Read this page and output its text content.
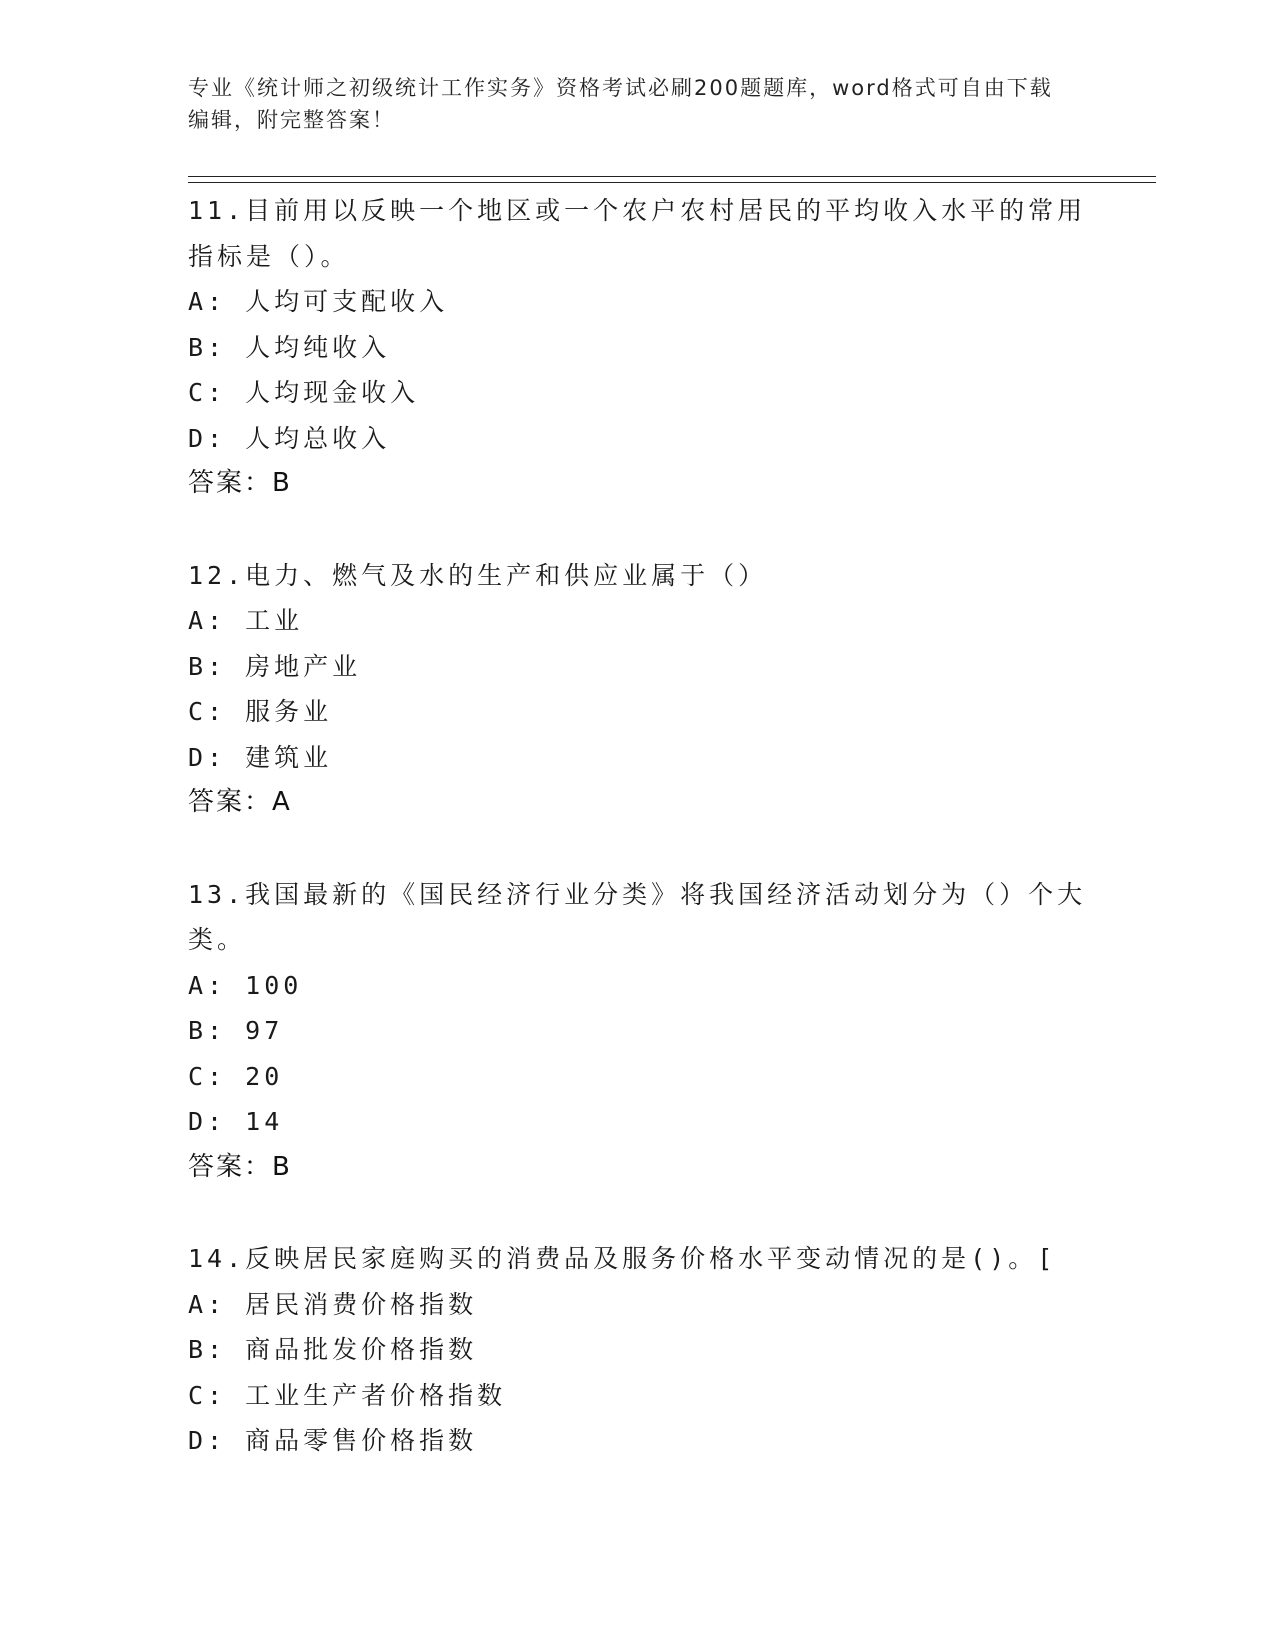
专业《统计师之初级统计工作实务》资格考试必刷200题题库，word格式可自由下载编辑，附完整答案！

11.目前用以反映一个地区或一个农户农村居民的平均收入水平的常用指标是（）。

A: 人均可支配收入

B: 人均纯收入

C: 人均现金收入

D: 人均总收入

答案：B

12.电力、燃气及水的生产和供应业属于（）

A: 工业

B: 房地产业

C: 服务业

D: 建筑业

答案：A

13.我国最新的《国民经济行业分类》将我国经济活动划分为（）个大类。

A: 100

B: 97

C: 20

D: 14

答案：B

14.反映居民家庭购买的消费品及服务价格水平变动情况的是()。[

A: 居民消费价格指数

B: 商品批发价格指数

C: 工业生产者价格指数

D: 商品零售价格指数
